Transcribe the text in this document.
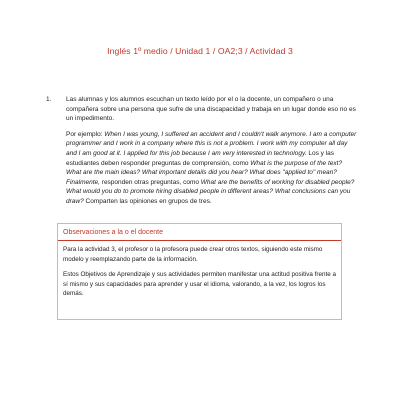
Inglés 1º medio / Unidad 1 / OA2;3 / Actividad 3
1. Las alumnas y los alumnos escuchan un texto leído por el o la docente, un compañero o una compañera sobre una persona que sufre de una discapacidad y trabaja en un lugar donde eso no es un impedimento.

Por ejemplo: When I was young, I suffered an accident and I couldn't walk anymore. I am a computer programmer and I work in a company where this is not a problem. I work with my computer all day and I am good at it. I applied for this job because I am very interested in technology. Los y las estudiantes deben responder preguntas de comprensión, como What is the purpose of the text? What are the main ideas? What important details did you hear? What does "applied to" mean? Finalmente, responden otras preguntas, como What are the benefits of working for disabled people? What would you do to promote hiring disabled people in different areas? What conclusions can you draw? Comparten las opiniones en grupos de tres.

Observaciones a la o el docente

Para la actividad 3, el profesor o la profesora puede crear otros textos, siguiendo este mismo modelo y reemplazando parte de la información.

Estos Objetivos de Aprendizaje y sus actividades permiten manifestar una actitud positiva frente a sí mismo y sus capacidades para aprender y usar el idioma, valorando, a la vez, los logros los demás.
